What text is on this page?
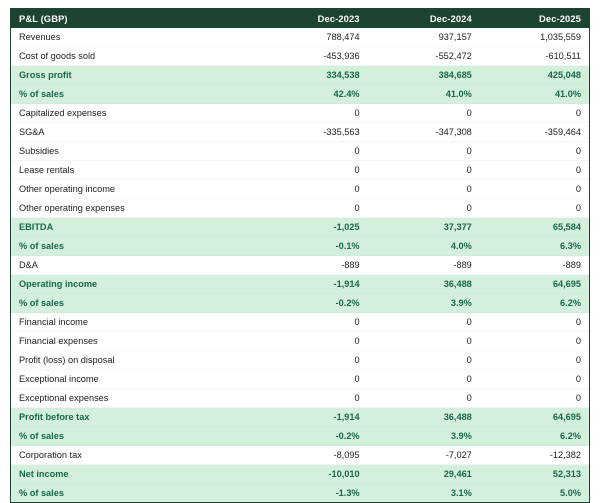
P&L (GBP)	Dec-2023	Dec-2024	Dec-2025
Revenues	788,474	937,157	1,035,559
Cost of goods sold	-453,936	-552,472	-610,511
Gross profit	334,538	384,685	425,048
% of sales	42.4%	41.0%	41.0%
Capitalized expenses	0	0	0
SG&A	-335,563	-347,308	-359,464
Subsidies	0	0	0
Lease rentals	0	0	0
Other operating income	0	0	0
Other operating expenses	0	0	0
EBITDA	-1,025	37,377	65,584
% of sales	-0.1%	4.0%	6.3%
D&A	-889	-889	-889
Operating income	-1,914	36,488	64,695
% of sales	-0.2%	3.9%	6.2%
Financial income	0	0	0
Financial expenses	0	0	0
Profit (loss) on disposal	0	0	0
Exceptional income	0	0	0
Exceptional expenses	0	0	0
Profit before tax	-1,914	36,488	64,695
% of sales	-0.2%	3.9%	6.2%
Corporation tax	-8,095	-7,027	-12,382
Net income	-10,010	29,461	52,313
% of sales	-1.3%	3.1%	5.0%
